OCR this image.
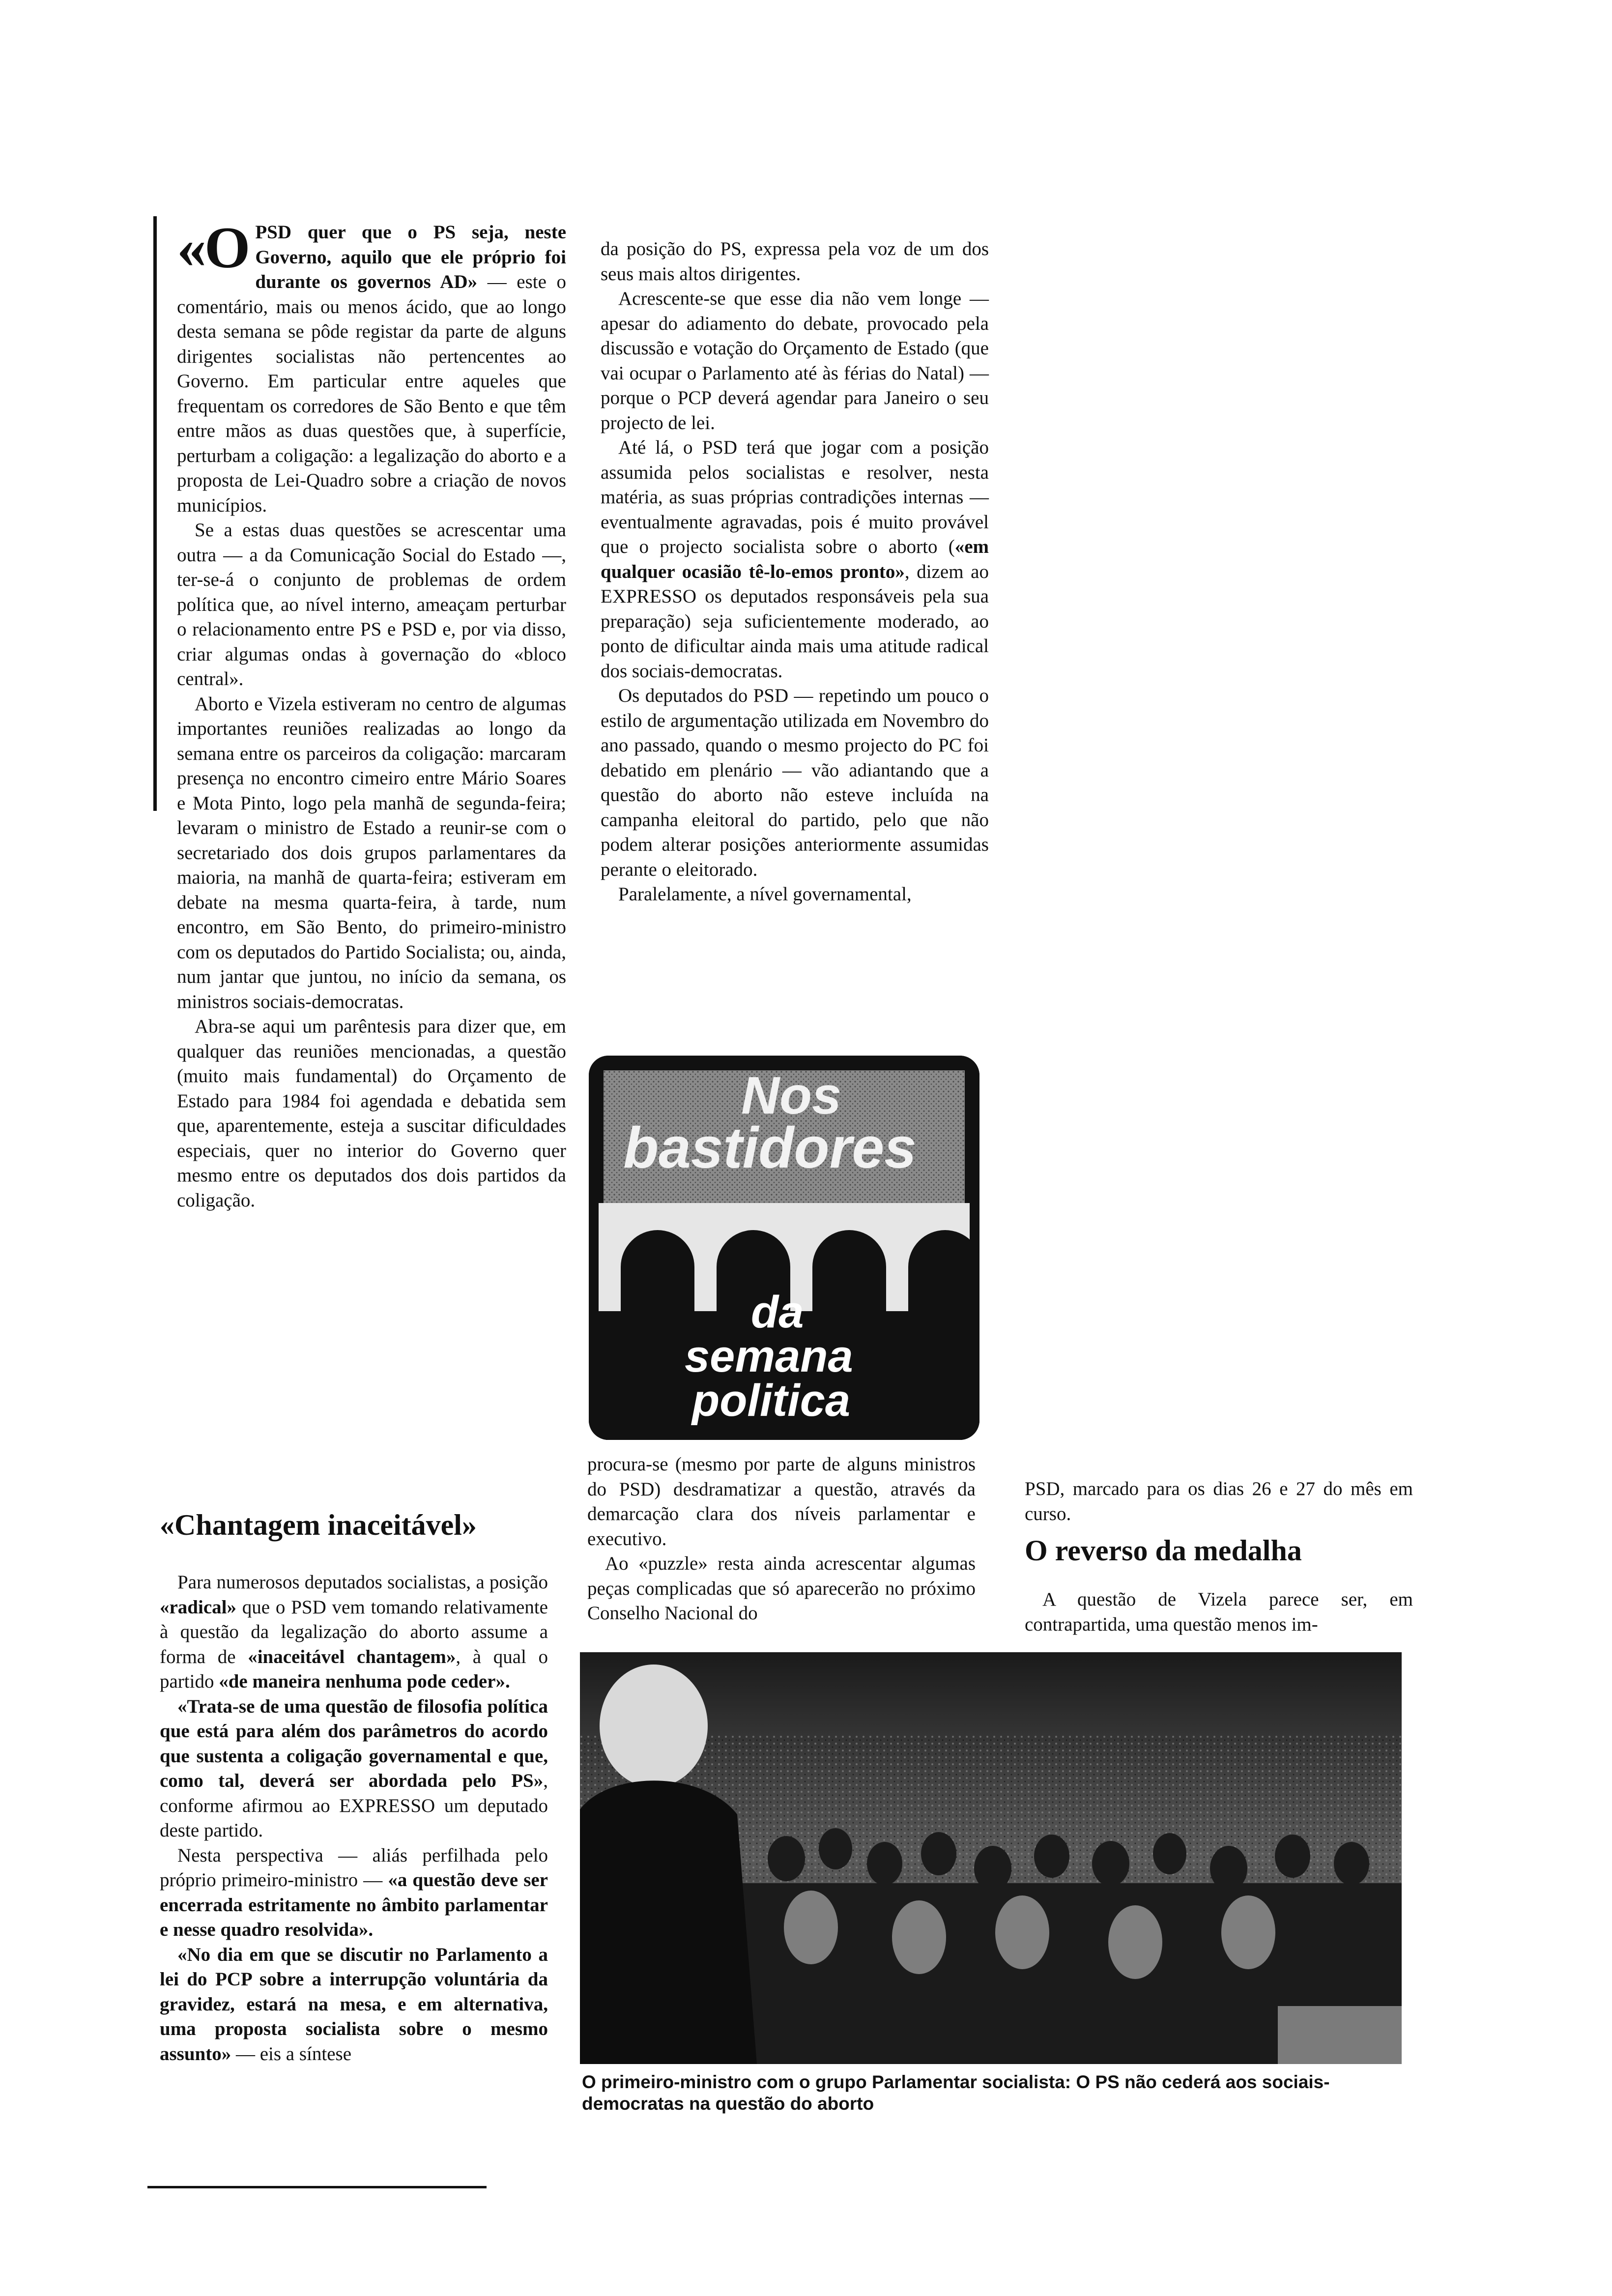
«O PSD quer que o PS seja, neste Governo, aquilo que ele próprio foi durante os governos AD» — este o comentário, mais ou menos ácido, que ao longo desta semana se pôde registar da parte de alguns dirigentes socialistas não pertencentes ao Governo. Em particular entre aqueles que frequentam os corredores de São Bento e que têm entre mãos as duas questões que, à superfície, perturbam a coligação: a legalização do aborto e a proposta de Lei-Quadro sobre a criação de novos municípios.

Se a estas duas questões se acrescentar uma outra — a da Comunicação Social do Estado —, ter-se-á o conjunto de problemas de ordem política que, ao nível interno, ameaçam perturbar o relacionamento entre PS e PSD e, por via disso, criar algumas ondas à governação do «bloco central».

Aborto e Vizela estiveram no centro de algumas importantes reuniões realizadas ao longo da semana entre os parceiros da coligação: marcaram presença no encontro cimeiro entre Mário Soares e Mota Pinto, logo pela manhã de segunda-feira; levaram o ministro de Estado a reunir-se com o secretariado dos dois grupos parlamentares da maioria, na manhã de quarta-feira; estiveram em debate na mesma quarta-feira, à tarde, num encontro, em São Bento, do primeiro-ministro com os deputados do Partido Socialista; ou, ainda, num jantar que juntou, no início da semana, os ministros sociais-democratas.

Abra-se aqui um parêntesis para dizer que, em qualquer das reuniões mencionadas, a questão (muito mais fundamental) do Orçamento de Estado para 1984 foi agendada e debatida sem que, aparentemente, esteja a suscitar dificuldades especiais, quer no interior do Governo quer mesmo entre os deputados dos dois partidos da coligação.

«Chantagem inaceitável»

Para numerosos deputados socialistas, a posição «radical» que o PSD vem tomando relativamente à questão da legalização do aborto assume a forma de «inaceitável chantagem», à qual o partido «de maneira nenhuma pode ceder».

«Trata-se de uma questão de filosofia política que está para além dos parâmetros do acordo que sustenta a coligação governamental e que, como tal, deverá ser abordada pelo PS», conforme afirmou ao EXPRESSO um deputado deste partido.

Nesta perspectiva — aliás perfilhada pelo próprio primeiro-ministro — «a questão deve ser encerrada estritamente no âmbito parlamentar e nesse quadro resolvida».

«No dia em que se discutir no Parlamento a lei do PCP sobre a interrupção voluntária da gravidez, estará na mesa, e em alternativa, uma proposta socialista sobre o mesmo assunto» — eis a síntese

da posição do PS, expressa pela voz de um dos seus mais altos dirigentes.

Acrescente-se que esse dia não vem longe — apesar do adiamento do debate, provocado pela discussão e votação do Orçamento de Estado (que vai ocupar o Parlamento até às férias do Natal) — porque o PCP deverá agendar para Janeiro o seu projecto de lei.

Até lá, o PSD terá que jogar com a posição assumida pelos socialistas e resolver, nesta matéria, as suas próprias contradições internas — eventualmente agravadas, pois é muito provável que o projecto socialista sobre o aborto («em qualquer ocasião tê-lo-emos pronto», dizem ao EXPRESSO os deputados responsáveis pela sua preparação) seja suficientemente moderado, ao ponto de dificultar ainda mais uma atitude radical dos sociais-democratas.

Os deputados do PSD — repetindo um pouco o estilo de argumentação utilizada em Novembro do ano passado, quando o mesmo projecto do PC foi debatido em plenário — vão adiantando que a questão do aborto não esteve incluída na campanha eleitoral do partido, pelo que não podem alterar posições anteriormente assumidas perante o eleitorado.

Paralelamente, a nível governamental,

Nos

bastidores

da

semana

politica

procura-se (mesmo por parte de alguns ministros do PSD) desdramatizar a questão, através da demarcação clara dos níveis parlamentar e executivo.

Ao «puzzle» resta ainda acrescentar algumas peças complicadas que só aparecerão no próximo Conselho Nacional do

PSD, marcado para os dias 26 e 27 do mês em curso.

O reverso da medalha

A questão de Vizela parece ser, em contrapartida, uma questão menos im-

O primeiro-ministro com o grupo Parlamentar socialista: O PS não cederá aos sociais-democratas na questão do aborto
